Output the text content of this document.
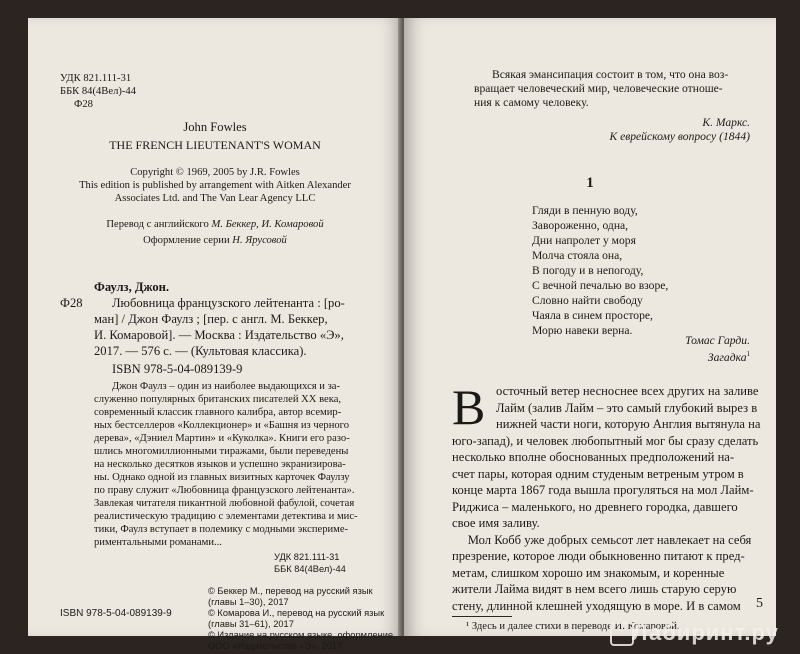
УДК 821.111-31
ББК 84(4Вел)-44
Ф28
John Fowles
THE FRENCH LIEUTENANT'S WOMAN
Copyright © 1969, 2005 by J.R. Fowles
This edition is published by arrangement with Aitken Alexander
Associates Ltd. and The Van Lear Agency LLC
Перевод с английского М. Беккер, И. Комаровой
Оформление серии Н. Ярусовой
Фаулз, Джон.
Ф28 Любовница французского лейтенанта : [ро-
ман] / Джон Фаулз ; [пер. с англ. М. Беккер,
И. Комаровой]. — Москва : Издательство «Э»,
2017. — 576 с. — (Культовая классика).
ISBN 978-5-04-089139-9
Джон Фаулз – один из наиболее выдающихся и за-
служенно популярных британских писателей XX века,
современный классик главного калибра, автор всемир-
ных бестселлеров «Коллекционер» и «Башня из черного
дерева», «Дэниел Мартин» и «Куколка». Книги его разо-
шлись многомиллионными тиражами, были переведены
на несколько десятков языков и успешно экранизирова-
ны. Однако одной из главных визитных карточек Фаулзу
по праву служит «Любовница французского лейтенанта».
Завлекая читателя пикантной любовной фабулой, сочетая
реалистическую традицию с элементами детектива и мис-
тики, Фаулз вступает в полемику с модными экспериме-
риментальными романами...
УДК 821.111-31
ББК 84(4Вел)-44
© Беккер М., перевод на русский язык
(главы 1–30), 2017
© Комарова И., перевод на русский язык
(главы 31–61), 2017
© Издание на русском языке, оформление.
ООО «Издательство «Э», 2017
ISBN 978-5-04-089139-9
Всякая эмансипация состоит в том, что она воз-
вращает человеческий мир, человеческие отноше-
ния к самому человеку.
К. Маркс.
К еврейскому вопросу (1844)
1
Гляди в пенную воду,
Завороженно, одна,
Дни напролет у моря
Молча стояла она,
В погоду и в непогоду,
С вечной печалью во взоре,
Словно найти свободу
Чаяла в синем просторе,
Морю навеки верна.
Томас Гарди.
Загадка$^1$
В осточный ветер несноснее всех других на заливе
Лайм (залив Лайм – это самый глубокий вырез в
нижней части ноги, которую Англия вытянула на
юго-запад), и человек любопытный мог бы сразу сделать
несколько вполне обоснованных предположений на-
счет пары, которая одним студеным ветреным утром в
конце марта 1867 года вышла прогуляться на мол Лайм-
Риджиса – маленького, но древнего городка, давшего
свое имя заливу.
Мол Кобб уже добрых семьсот лет навлекает на себя
презрение, которое люди обыкновенно питают к пред-
метам, слишком хорошо им знакомым, и коренные
жители Лайма видят в нем всего лишь старую серую
стену, длинной клешней уходящую в море. И в самом
¹ Здесь и далее стихи в переводе И. Комаровой.
5
Лабиринт.ру
